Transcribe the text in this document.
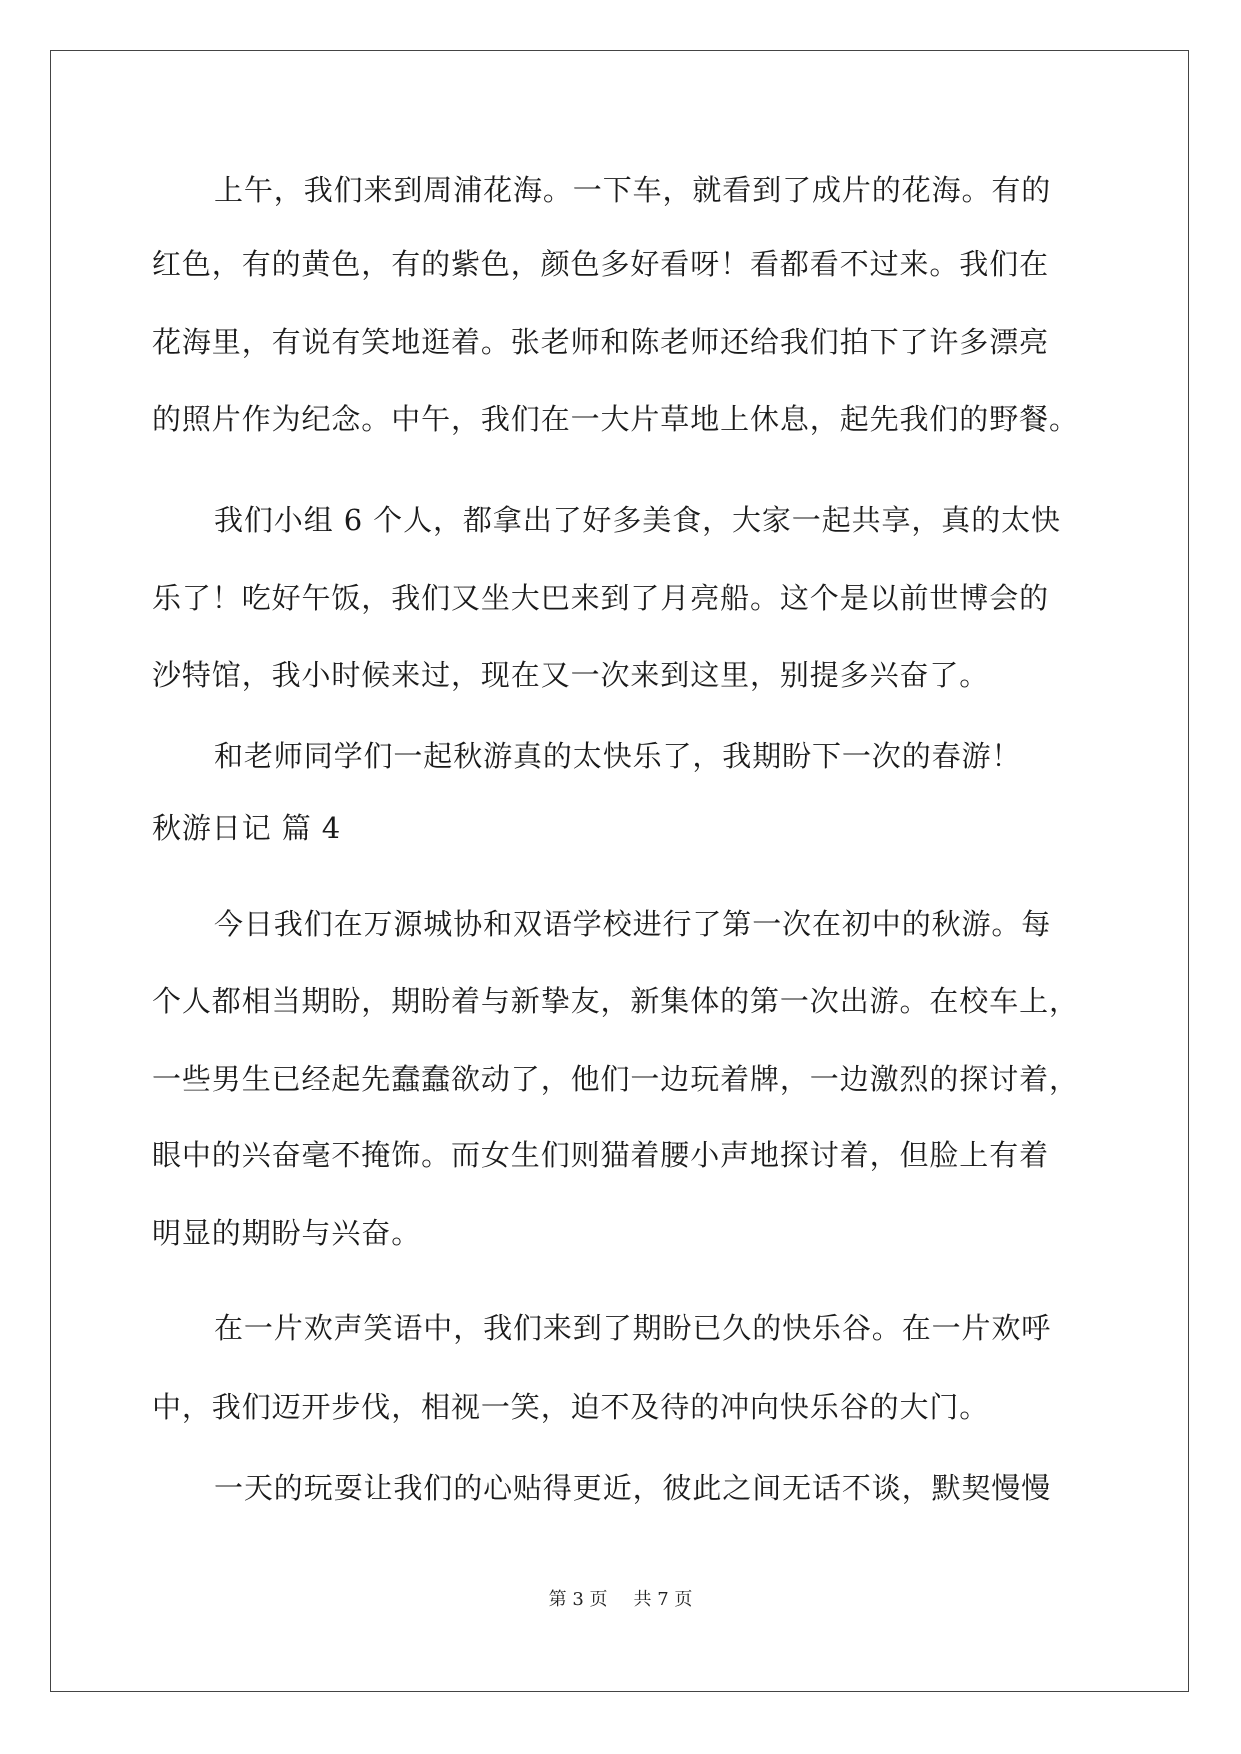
上午，我们来到周浦花海。一下车，就看到了成片的花海。有的
红色，有的黄色，有的紫色，颜色多好看呀！看都看不过来。我们在
花海里，有说有笑地逛着。张老师和陈老师还给我们拍下了许多漂亮
的照片作为纪念。中午，我们在一大片草地上休息，起先我们的野餐。
我们小组 6 个人，都拿出了好多美食，大家一起共享，真的太快
乐了！吃好午饭，我们又坐大巴来到了月亮船。这个是以前世博会的
沙特馆，我小时候来过，现在又一次来到这里，别提多兴奋了。
和老师同学们一起秋游真的太快乐了，我期盼下一次的春游！
秋游日记 篇 4
今日我们在万源城协和双语学校进行了第一次在初中的秋游。每
个人都相当期盼，期盼着与新挚友，新集体的第一次出游。在校车上，
一些男生已经起先蠢蠢欲动了，他们一边玩着牌，一边激烈的探讨着，
眼中的兴奋毫不掩饰。而女生们则猫着腰小声地探讨着，但脸上有着
明显的期盼与兴奋。
在一片欢声笑语中，我们来到了期盼已久的快乐谷。在一片欢呼
中，我们迈开步伐，相视一笑，迫不及待的冲向快乐谷的大门。
一天的玩耍让我们的心贴得更近，彼此之间无话不谈，默契慢慢
第 3 页 共 7 页
